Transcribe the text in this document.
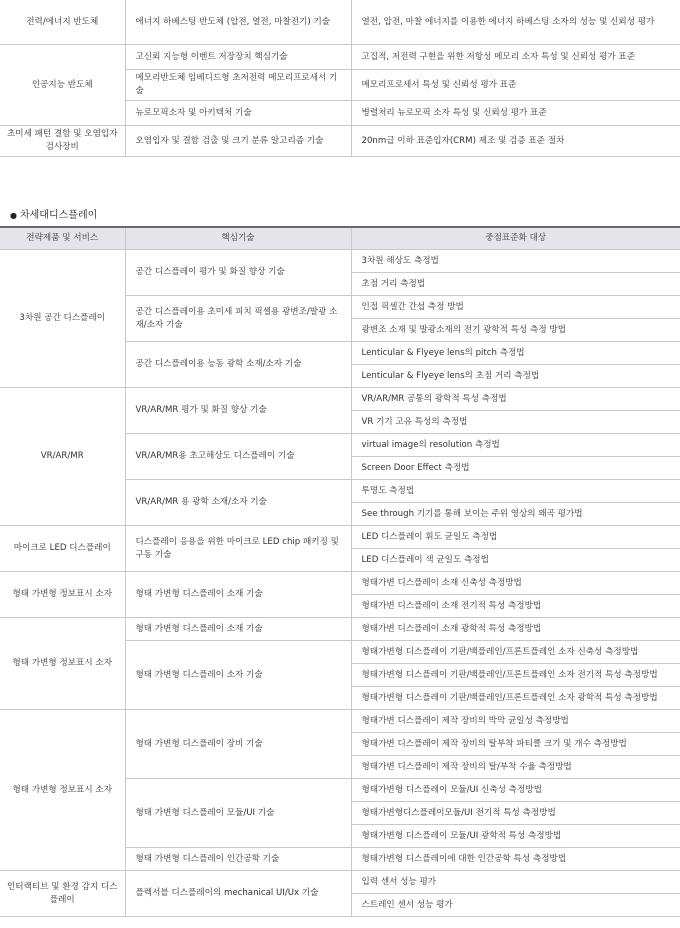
전력/에너지 반도체	에너지 하베스팅 반도체 (압전, 열전, 마찰전기) 기술	열전, 압전, 마찰 에너지를 이용한 에너지 하베스팅 소자의 성능 및 신뢰성 평가
인공지능 반도체	고신뢰 지능형 이벤트 저장장치 핵심기술	고집적, 저전력 구현을 위한 저항성 메모리 소자 특성 및 신뢰성 평가 표준
	메모리반도체 임베디드형 초저전력 메모리프로세서 기술	메모리프로세서 특성 및 신뢰성 평가 표준
	뉴로모픽소자 및 아키텍처 기술	병렬처리 뉴로모픽 소자 특성 및 신뢰성 평가 표준
초미세 패턴 결함 및 오염입자 검사장비	오염입자 및 결함 검출 및 크기 분류 알고리즘 기술	20nm급 이하 표준입자(CRM) 제조 및 검증 표준 절차
● 차세대디스플레이
전략제품 및 서비스	핵심기술	중점표준화 대상
3차원 공간 디스플레이	공간 디스플레이 평가 및 화질 향상 기술	3차원 해상도 측정법
		초점 거리 측정법
	공간 디스플레이용 초미세 피치 픽셀용 광변조/발광 소재/소자 기술	인접 픽셀간 간섭 측정 방법
		광변조 소재 및 발광소재의 전기 광학적 특성 측정 방법
	공간 디스플레이용 능동 광학 소재/소자 기술	Lenticular & Flyeye lens의 pitch 측정법
		Lenticular & Flyeye lens의 초점 거리 측정법
VR/AR/MR	VR/AR/MR 평가 및 화질 향상 기술	VR/AR/MR 공통의 광학적 특성 측정법
		VR 기기 고유 특성의 측정법
	VR/AR/MR용 초고해상도 디스플레이 기술	virtual image의 resolution 측정법
		Screen Door Effect 측정법
	VR/AR/MR 용 광학 소재/소자 기술	투명도 측정법
		See through 기기를 통해 보이는 주위 영상의 왜곡 평가법
마이크로 LED 디스플레이	디스플레이 응용을 위한 마이크로 LED chip 패키징 및 구동 기술	LED 디스플레이 휘도 균일도 측정법
		LED 디스플레이 색 균일도 측정법
형태 가변형 정보표시 소자	형태 가변형 디스플레이 소재 기술	형태가변 디스플레이 소재 신축성 측정방법
		형태가변 디스플레이 소재 전기적 특성 측정방법
형태 가변형 정보표시 소자	형태 가변형 디스플레이 소재 기술	형태가변 디스플레이 소재 광학적 특성 측정방법
	형태 가변형 디스플레이 소자 기술	형태가변형 디스플레이 기판/백플레인/프론트플레인 소자 신축성 측정방법
		형태가변형 디스플레이 기판/백플레인/프론트플레인 소자 전기적 특성 측정방법
		형태가변형 디스플레이 기판/백플레인/프론트플레인 소자 광학적 특성 측정방법
형태 가변형 정보표시 소자	형태 가변형 디스플레이 장비 기술	형태가변 디스플레이 제작 장비의 박막 균일성 측정방법
		형태가변 디스플레이 제작 장비의 탈부착 파티클 크기 및 개수 측정방법
		형태가변 디스플레이 제작 장비의 탈/부착 수율 측정방법
	형태 가변형 디스플레이 모듈/UI 기술	형태가변형 디스플레이 모듈/UI 신축성 측정방법
		형태가변형디스플레이모듈/UI 전기적 특성 측정방법
		형태가변형 디스플레이 모듈/UI 광학적 특성 측정방법
	형태 가변형 디스플레이 인간공학 기술	형태가변형 디스플레이에 대한 인간공학 특성 측정방법
인터랙티브 및 환경 감지 디스플레이	플렉서블 디스플레이의 mechanical UI/Ux 기술	입력 센서 성능 평가
		스트레인 센서 성능 평가
